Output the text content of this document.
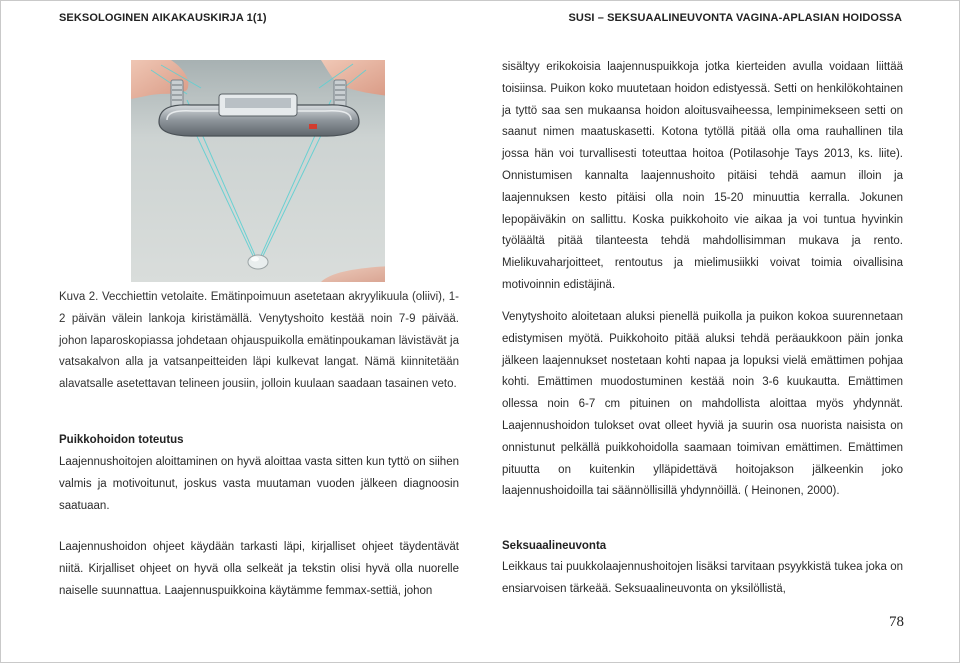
SEKSOLOGINEN AIKAKAUSKIRJA 1(1)	SUSI – SEKSUAALINEUVONTA VAGINA-APLASIAN HOIDOSSA
Kuva 2. Vecchiettin vetolaite. Emätinpoimuun asetetaan akryylikuula (oliivi), 1-2 päivän välein lankoja kiristämällä. Venytyshoito kestää noin 7-9 päivää. johon laparoskopiassa johdetaan ohjauspuikolla emätinpoukaman lävistävät ja vatsakalvon alla ja vatsanpeitteiden läpi kulkevat langat. Nämä kiinnitetään alavatsalle asetettavan telineen jousiin, jolloin kuulaan saadaan tasainen veto.
Puikkohoidon toteutus
Laajennushoitojen aloittaminen on hyvä aloittaa vasta sitten kun tyttö on siihen valmis ja motivoitunut, joskus vasta muutaman vuoden jälkeen diagnoosin saatuaan.
Laajennushoidon ohjeet käydään tarkasti läpi, kirjalliset ohjeet täydentävät niitä. Kirjalliset ohjeet on hyvä olla selkeät ja tekstin olisi hyvä olla nuorelle naiselle suunnattua. Laajennuspuikkoina käytämme femmax-settiä, johon
sisältyy erikokoisia laajennuspuikkoja jotka kierteiden avulla voidaan liittää toisiinsa. Puikon koko muutetaan hoidon edistyessä. Setti on henkilökohtainen ja tyttö saa sen mukaansa hoidon aloitusvaiheessa, lempinimekseen setti on saanut nimen maatuskasetti. Kotona tytöllä pitää olla oma rauhallinen tila jossa hän voi turvallisesti toteuttaa hoitoa (Potilasohje Tays 2013, ks. liite). Onnistumisen kannalta laajennushoito pitäisi tehdä aamun illoin ja laajennuksen kesto pitäisi olla noin 15-20 minuuttia kerralla. Jokunen lepopäiväkin on sallittu. Koska puikkohoito vie aikaa ja voi tuntua hyvinkin työläältä pitää tilanteesta tehdä mahdollisimman mukava ja rento. Mielikuvaharjoitteet, rentoutus ja mielimusiikki voivat toimia oivallisina motivoinnin edistäjinä.
Venytyshoito aloitetaan aluksi pienellä puikolla ja puikon kokoa suurennetaan edistymisen myötä. Puikkohoito pitää aluksi tehdä peräaukkoon päin jonka jälkeen laajennukset nostetaan kohti napaa ja lopuksi vielä emättimen pohjaa kohti. Emättimen muodostuminen kestää noin 3-6 kuukautta. Emättimen ollessa noin 6-7 cm pituinen on mahdollista aloittaa myös yhdynnät. Laajennushoidon tulokset ovat olleet hyviä ja suurin osa nuorista naisista on onnistunut pelkällä puikkohoidolla saamaan toimivan emättimen. Emättimen pituutta on kuitenkin ylläpidettävä hoitojakson jälkeenkin joko laajennushoidoilla tai säännöllisillä yhdynnöillä. ( Heinonen, 2000).
Seksuaalineuvonta
Leikkaus tai puukkolaajennushoitojen lisäksi tarvitaan psyykkistä tukea joka on ensiarvoisen tärkeää. Seksuaalineuvonta on yksilöllistä,
78
